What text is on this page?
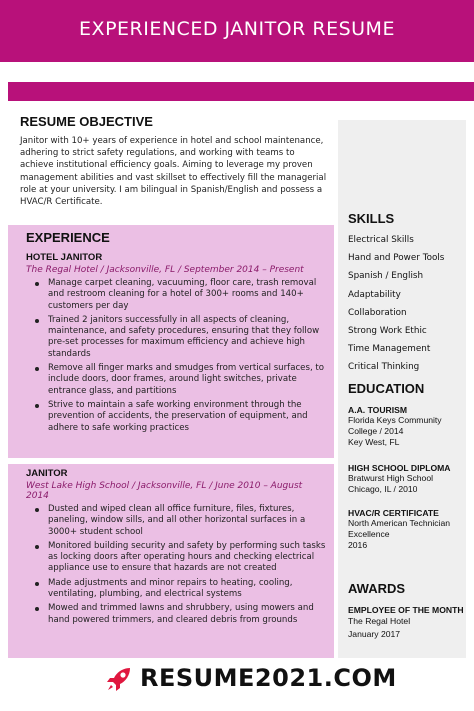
EXPERIENCED JANITOR RESUME
RESUME OBJECTIVE

Janitor with 10+ years of experience in hotel and school maintenance, adhering to strict safety regulations, and working with teams to achieve institutional efficiency goals. Aiming to leverage my proven management abilities and vast skillset to effectively fill the managerial role at your university. I am bilingual in Spanish/English and possess a HVAC/R Certificate.

EXPERIENCE
HOTEL JANITOR
The Regal Hotel / Jacksonville, FL / September 2014 – Present
Manage carpet cleaning, vacuuming, floor care, trash removal and restroom cleaning for a hotel of 300+ rooms and 140+ customers per day
Trained 2 janitors successfully in all aspects of cleaning, maintenance, and safety procedures, ensuring that they follow pre-set processes for maximum efficiency and achieve high standards
Remove all finger marks and smudges from vertical surfaces, to include doors, door frames, around light switches, private entrance glass, and partitions
Strive to maintain a safe working environment through the prevention of accidents, the preservation of equipment, and adhere to safe working practices
JANITOR
West Lake High School / Jacksonville, FL / June 2010 – August 2014
Dusted and wiped clean all office furniture, files, fixtures, paneling, window sills, and all other horizontal surfaces in a 3000+ student school
Monitored building security and safety by performing such tasks as locking doors after operating hours and checking electrical appliance use to ensure that hazards are not created
Made adjustments and minor repairs to heating, cooling, ventilating, plumbing, and electrical systems
Mowed and trimmed lawns and shrubbery, using mowers and hand powered trimmers, and cleared debris from grounds
SKILLS
Electrical Skills
Hand and Power Tools
Spanish / English
Adaptability
Collaboration
Strong Work Ethic
Time Management
Critical Thinking
EDUCATION
A.A. TOURISM
Florida Keys Community
College / 2014
Key West, FL
HIGH SCHOOL DIPLOMA
Bratwurst High School
Chicago, IL / 2010
HVAC/R CERTIFICATE
North American Technician
Excellence
2016
AWARDS
EMPLOYEE OF THE MONTH
The Regal Hotel
January 2017
RESUME2021.COM
